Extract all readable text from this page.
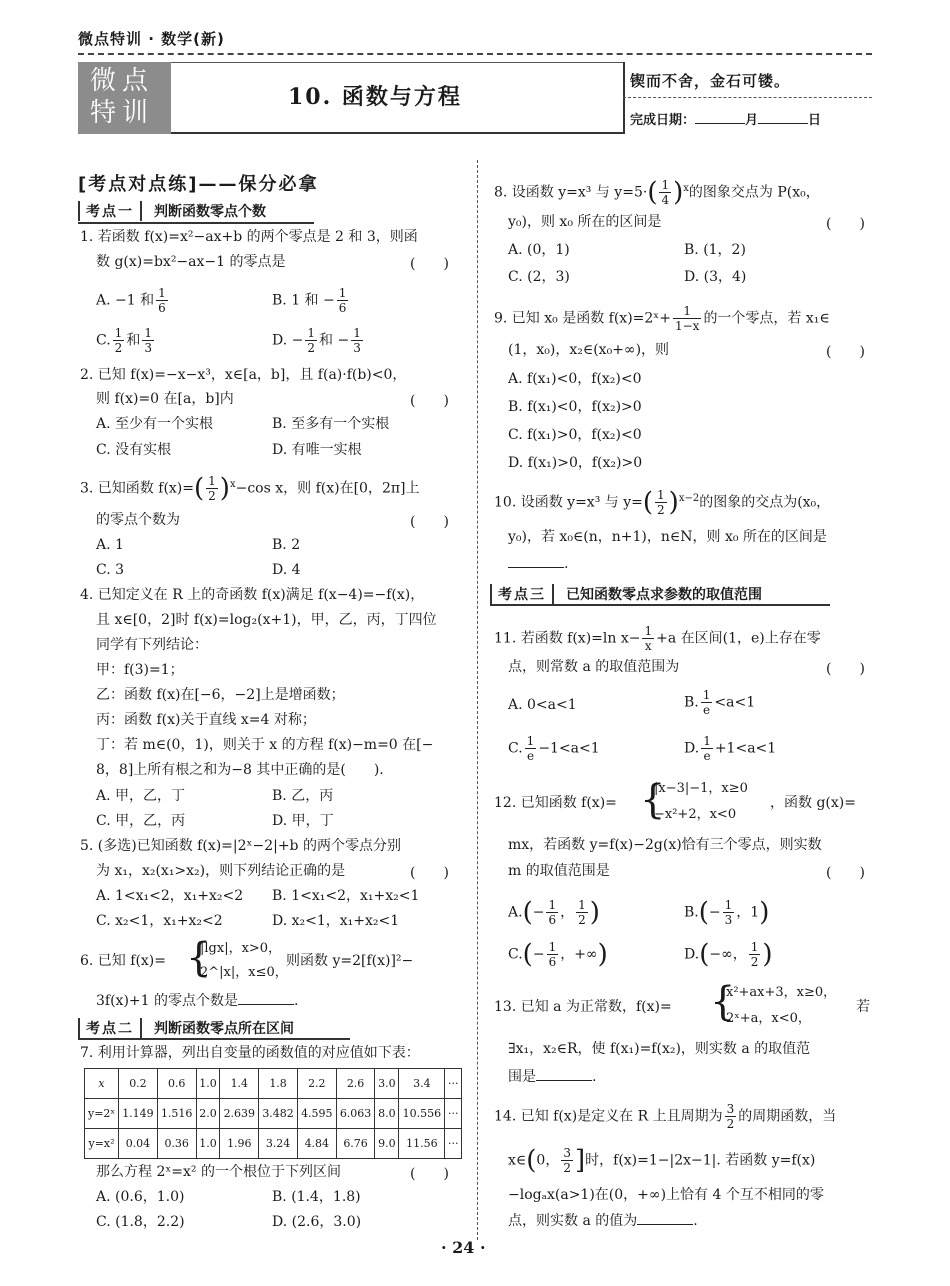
微点特训 · 数学(新)
微点
特训
10. 函数与方程
锲而不舍，金石可镂。
完成日期：	月	日
[考点对点练]——保分必拿
考点一 判断函数零点个数
1. 若函数 f(x)=x²−ax+b 的两个零点是 2 和 3，则函
数 g(x)=bx²−ax−1 的零点是	(　　)
A. −1 和 $\frac{1}{6}$	B. 1 和 − $\frac{1}{6}$
C. $\frac{1}{2}$ 和 $\frac{1}{3}$	D. − $\frac{1}{2}$ 和 − $\frac{1}{3}$
2. 已知 f(x)=−x−x³，x∈[a，b]，且 f(a)·f(b)<0，
则 f(x)=0 在[a，b]内	(　　)
A. 至少有一个实根	B. 至多有一个实根
C. 没有实根	D. 有唯一实根
3. 已知函数 $f(x)=( \frac{1}{2} )^x-\cos$ x，则 f(x)在[0，2π]上
的零点个数为	(　　)
A. 1	B. 2
C. 3	D. 4
4. 已知定义在 R 上的奇函数 f(x)满足 f(x−4)=−f(x)，
且 x∈[0，2]时 f(x)=log₂(x+1)，甲，乙，丙，丁四位
同学有下列结论：
甲：f(3)=1；
乙：函数 f(x)在[−6，−2]上是增函数；
丙：函数 f(x)关于直线 x=4 对称；
丁：若 m∈(0，1)，则关于 x 的方程 f(x)−m=0 在[−
8，8]上所有根之和为−8 其中正确的是(　　).
A. 甲，乙，丁	B. 乙，丙
C. 甲，乙，丙	D. 甲，丁
5. (多选)已知函数 f(x)=|2ˣ−2|+b 的两个零点分别
为 x₁，x₂(x₁>x₂)，则下列结论正确的是	(　　)
A. 1<x₁<2，x₁+x₂<2 B. 1<x₁<2，x₁+x₂<1
C. x₂<1，x₁+x₂<2	D. x₂<1，x₁+x₂<1
6. 已知 f(x)= {
|lgx|，x>0，
2^|x|，x≤0，
则函数 y=2[f(x)]²−
3f(x)+1 的零点个数是	.
考点二 判断函数零点所在区间
7. 利用计算器，列出自变量的函数值的对应值如下表：
x	0.2	0.6	1.0	1.4	1.8	2.2	2.6	3.0	3.4	···
y=2ˣ	1.149	1.516	2.0	2.639	3.482	4.595	6.063	8.0	10.556	···
y=x²	0.04	0.36	1.0	1.96	3.24	4.84	6.76	9.0	11.56	···
那么方程 2ˣ=x² 的一个根位于下列区间	(　　)
A. (0.6，1.0)	B. (1.4，1.8)
C. (1.8，2.2)	D. (2.6，3.0)
8. 设函数 y=x³ 与 $y=5\cdot( \frac{1}{4} )^x$的图象交点为 P(x₀，
y₀)，则 x₀ 所在的区间是	(　　)
A. (0，1)	B. (1，2)
C. (2，3)	D. (3，4)
9. 已知 x₀ 是函数 f(x)=2ˣ+ $\frac{1}{1-x}$ 的一个零点，若 x₁∈
(1，x₀)，x₂∈(x₀+∞)，则	(　　)
A. f(x₁)<0，f(x₂)<0
B. f(x₁)<0，f(x₂)>0
C. f(x₁)>0，f(x₂)<0
D. f(x₁)>0，f(x₂)>0
10. 设函数 y=x³ 与 $y=( \frac{1}{2} )^{x-2}$的图象的交点为(x₀，
y₀)，若 x₀∈(n，n+1)，n∈N，则 x₀ 所在的区间是
.
考点三 已知函数零点求参数的取值范围
11. 若函数 f(x)=ln $x- \frac{1}{x} +a$ 在区间(1，e)上存在零
点，则常数 a 的取值范围为	(　　)
A. 0<a<1	B. $\frac{1}{e} <a<1$
C. $\frac{1}{e} -1<a<1$	D. $\frac{1}{e} +1<a<1$
12. 已知函数 f(x)= {
|x−3|−1，x≥0
−x²+2，x<0
，函数 g(x)=
mx，若函数 y=f(x)−2g(x)恰有三个零点，则实数
m 的取值范围是	(　　)
$A.(- \frac{1}{6}$ ， $\frac{1}{2}$ )	$B.(- \frac{1}{3}$ ，1)
$C.(- \frac{1}{6}$ ，+∞)	D.(−∞， $\frac{1}{2}$ )
13. 已知 a 为正常数，f(x)= {
x²+ax+3，x≥0，
2ˣ+a，x<0，
若
∃x₁，x₂∈R，使 f(x₁)=f(x₂)，则实数 a 的取值范
围是	.
14. 已知 f(x)是定义在 R 上且周期为 $\frac{3}{2}$ 的周期函数，当
x∈(0， $\frac{3}{2}$ ]时，f(x)=1−|2x−1|. 若函数 y=f(x)
−logₐx(a>1)在(0，+∞)上恰有 4 个互不相同的零
点，则实数 a 的值为	.
· 24 ·
